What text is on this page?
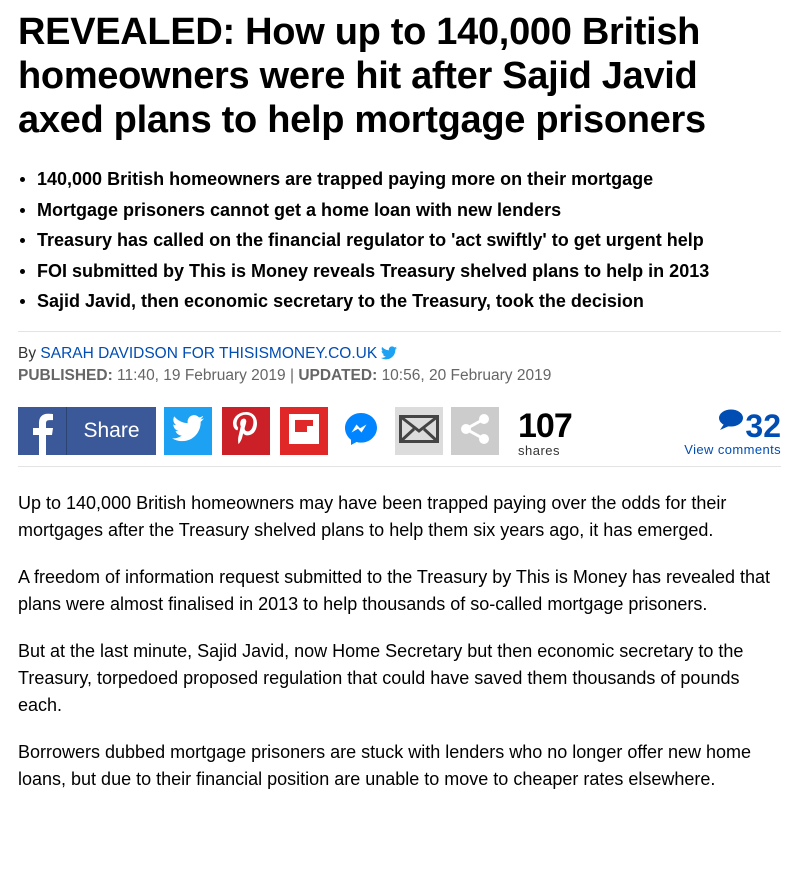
REVEALED: How up to 140,000 British homeowners were hit after Sajid Javid axed plans to help mortgage prisoners
140,000 British homeowners are trapped paying more on their mortgage
Mortgage prisoners cannot get a home loan with new lenders
Treasury has called on the financial regulator to 'act swiftly' to get urgent help
FOI submitted by This is Money reveals Treasury shelved plans to help in 2013
Sajid Javid, then economic secretary to the Treasury, took the decision
By SARAH DAVIDSON FOR THISISMONEY.CO.UK
PUBLISHED: 11:40, 19 February 2019 | UPDATED: 10:56, 20 February 2019
Share	107
shares
32
View comments

Up to 140,000 British homeowners may have been trapped paying over the odds for their mortgages after the Treasury shelved plans to help them six years ago, it has emerged.

A freedom of information request submitted to the Treasury by This is Money has revealed that plans were almost finalised in 2013 to help thousands of so-called mortgage prisoners.

But at the last minute, Sajid Javid, now Home Secretary but then economic secretary to the Treasury, torpedoed proposed regulation that could have saved them thousands of pounds each.

Borrowers dubbed mortgage prisoners are stuck with lenders who no longer offer new home loans, but due to their financial position are unable to move to cheaper rates elsewhere.
